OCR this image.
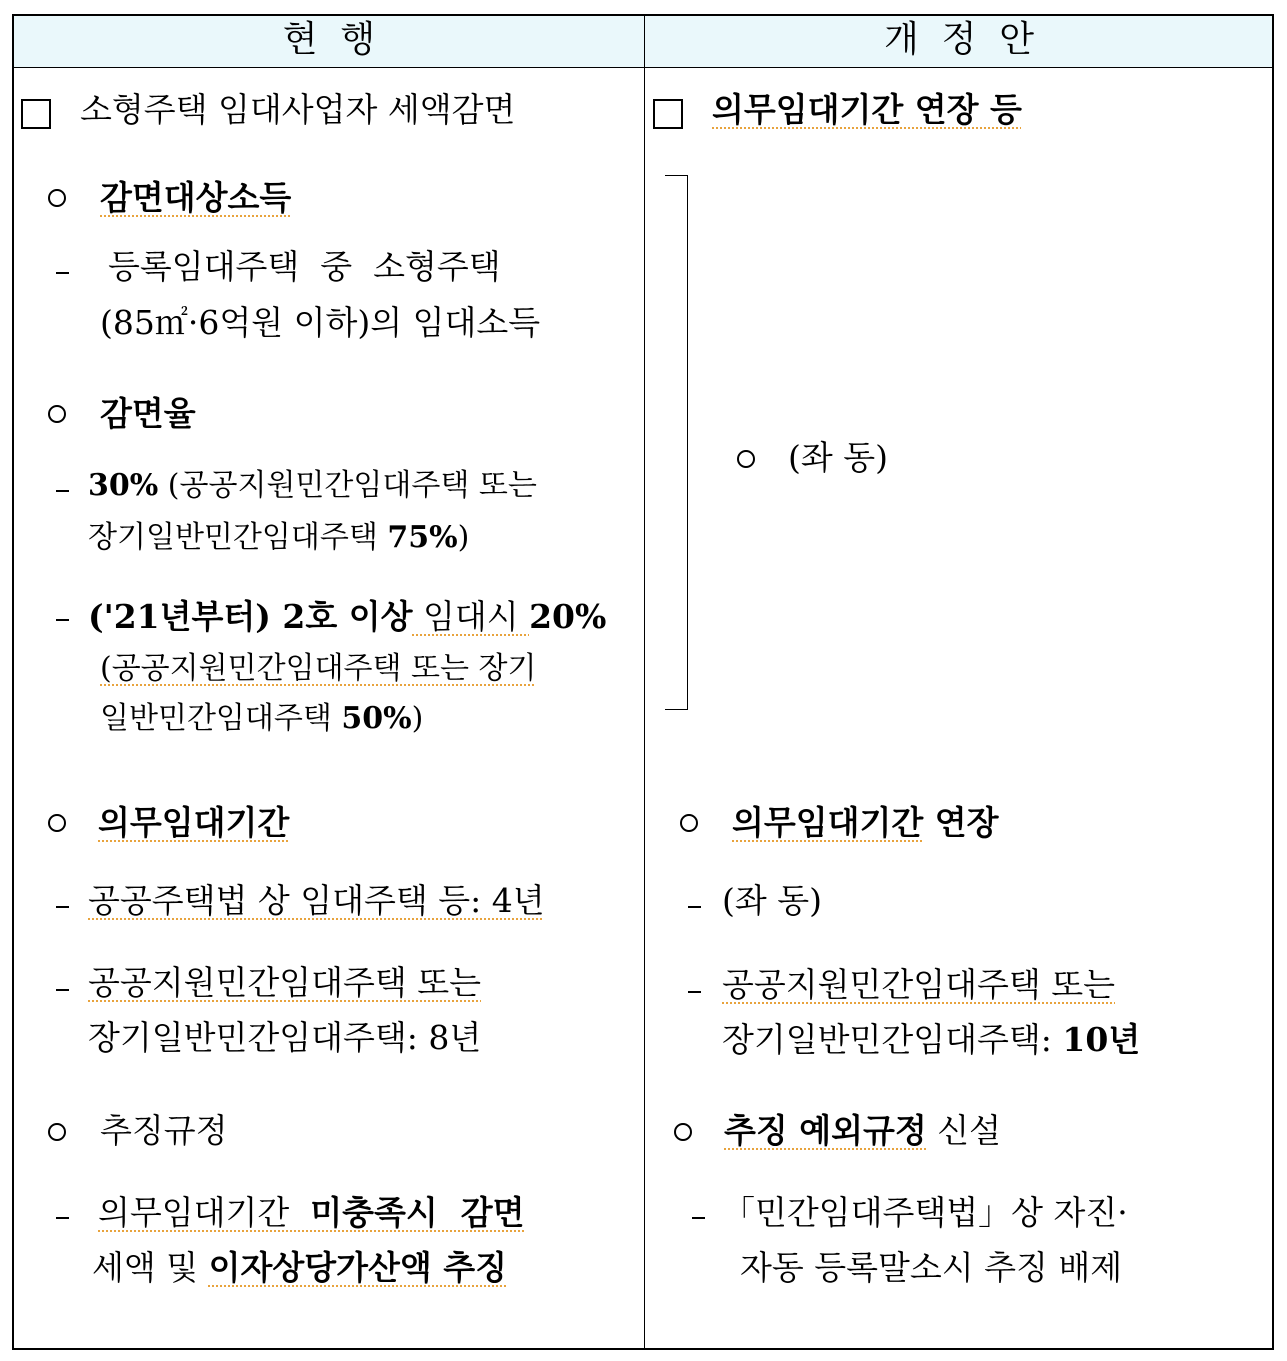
현  행	개  정  안
소형주택 임대사업자 세액감면
감면대상소득
등록임대주택  중  소형주택
(85㎡·6억원 이하)의 임대소득
감면율
30% (공공지원민간임대주택 또는
장기일반민간임대주택 75%)
('21년부터) 2호 이상 임대시 20%
(공공지원민간임대주택 또는 장기
일반민간임대주택 50%)
의무임대기간
공공주택법 상 임대주택 등: 4년
공공지원민간임대주택 또는
장기일반민간임대주택: 8년
추징규정
의무임대기간  미충족시  감면
세액 및 이자상당가산액 추징
의무임대기간 연장 등
(좌 동)
의무임대기간 연장
(좌 동)
공공지원민간임대주택 또는
장기일반민간임대주택: 10년
추징 예외규정 신설
「민간임대주택법」상 자진·
자동 등록말소시 추징 배제
